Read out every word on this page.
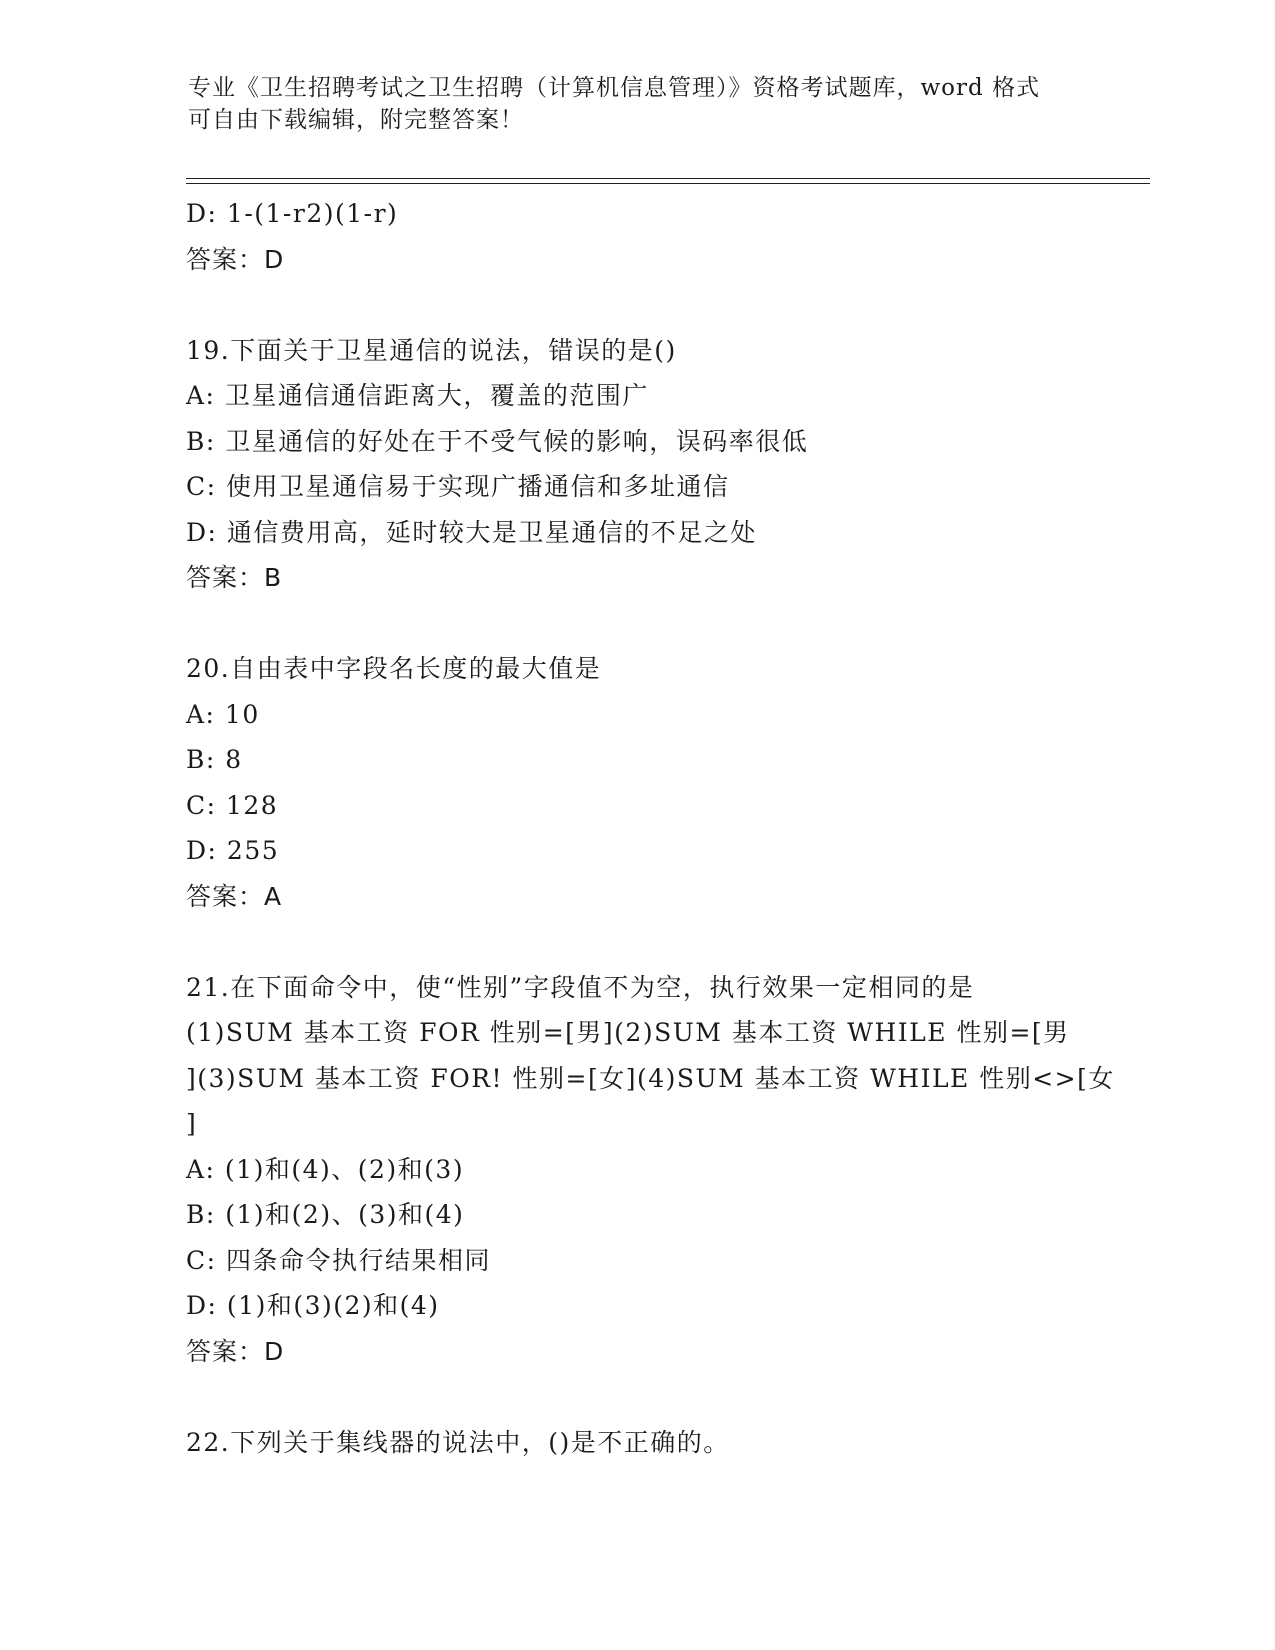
专业《卫生招聘考试之卫生招聘（计算机信息管理）》资格考试题库，word 格式
可自由下载编辑，附完整答案！
D: 1-(1-r2)(1-r)
答案：D
19.下面关于卫星通信的说法，错误的是()
A: 卫星通信通信距离大，覆盖的范围广
B: 卫星通信的好处在于不受气候的影响，误码率很低
C: 使用卫星通信易于实现广播通信和多址通信
D: 通信费用高，延时较大是卫星通信的不足之处
答案：B
20.自由表中字段名长度的最大值是
A: 10
B: 8
C: 128
D: 255
答案：A
21.在下面命令中，使“性别”字段值不为空，执行效果一定相同的是
(1)SUM 基本工资 FOR 性别=[男](2)SUM 基本工资 WHILE 性别=[男
](3)SUM 基本工资 FOR! 性别=[女](4)SUM 基本工资 WHILE 性别<>[女
]
A: (1)和(4)、(2)和(3)
B: (1)和(2)、(3)和(4)
C: 四条命令执行结果相同
D: (1)和(3)(2)和(4)
答案：D
22.下列关于集线器的说法中，()是不正确的。
